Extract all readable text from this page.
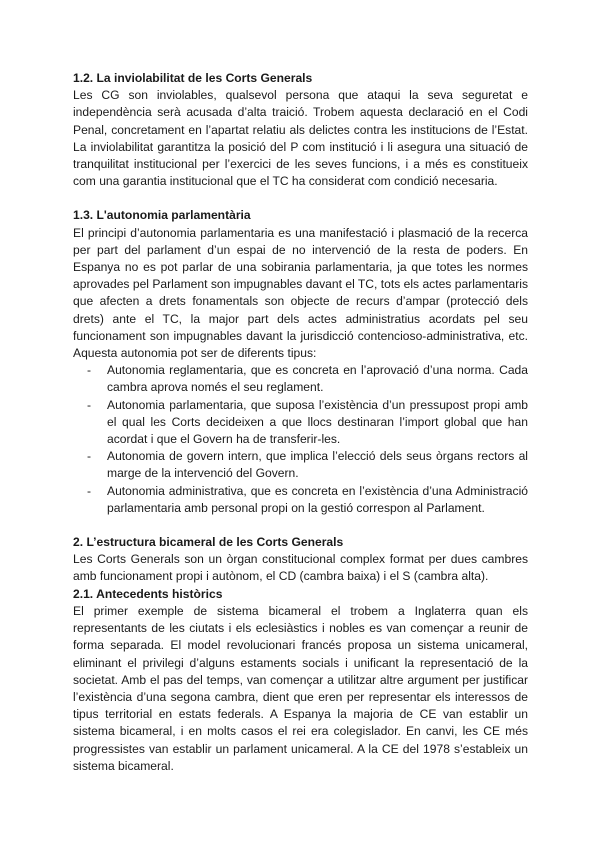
1.2. La inviolabilitat de les Corts Generals

Les CG son inviolables, qualsevol persona que ataqui la seva seguretat e independència serà acusada d’alta traició. Trobem aquesta declaració en el Codi Penal, concretament en l’apartat relatiu als delictes contra les institucions de l’Estat. La inviolabilitat garantitza la posició del P com institució i li asegura una situació de tranquilitat institucional per l’exercici de les seves funcions, i a més es constitueix com una garantia institucional que el TC ha considerat com condició necesaria.

1.3. L'autonomia parlamentària

El principi d’autonomia parlamentaria es una manifestació i plasmació de la recerca per part del parlament d’un espai de no intervenció de la resta de poders. En Espanya no es pot parlar de una sobirania parlamentaria, ja que totes les normes aprovades pel Parlament son impugnables davant el TC, tots els actes parlamentaris que afecten a drets fonamentals son objecte de recurs d’ampar (protecció dels drets) ante el TC, la major part dels actes administratius acordats pel seu funcionament son impugnables davant la jurisdicció contencioso-administrativa, etc. Aquesta autonomia pot ser de diferents tipus:

- Autonomia reglamentaria, que es concreta en l’aprovació d’una norma. Cada cambra aprova només el seu reglament.
- Autonomia parlamentaria, que suposa l’existència d’un pressupost propi amb el qual les Corts decideixen a que llocs destinaran l’import global que han acordat i que el Govern ha de transferir-les.
- Autonomia de govern intern, que implica l’elecció dels seus òrgans rectors al marge de la intervenció del Govern.
- Autonomia administrativa, que es concreta en l’existència d’una Administració parlamentaria amb personal propi on la gestió correspon al Parlament.

2. L’estructura bicameral de les Corts Generals

Les Corts Generals son un òrgan constitucional complex format per dues cambres amb funcionament propi i autònom, el CD (cambra baixa) i el S (cambra alta).

2.1. Antecedents històrics

El primer exemple de sistema bicameral el trobem a Inglaterra quan els representants de les ciutats i els eclesiàstics i nobles es van començar a reunir de forma separada. El model revolucionari francés proposa un sistema unicameral, eliminant el privilegi d’alguns estaments socials i unificant la representació de la societat. Amb el pas del temps, van començar a utilitzar altre argument per justificar l’existència d’una segona cambra, dient que eren per representar els interessos de tipus territorial en estats federals. A Espanya la majoria de CE van establir un sistema bicameral, i en molts casos el rei era colegislador. En canvi, les CE més progressistes van establir un parlament unicameral. A la CE del 1978 s’estableix un sistema bicameral.
